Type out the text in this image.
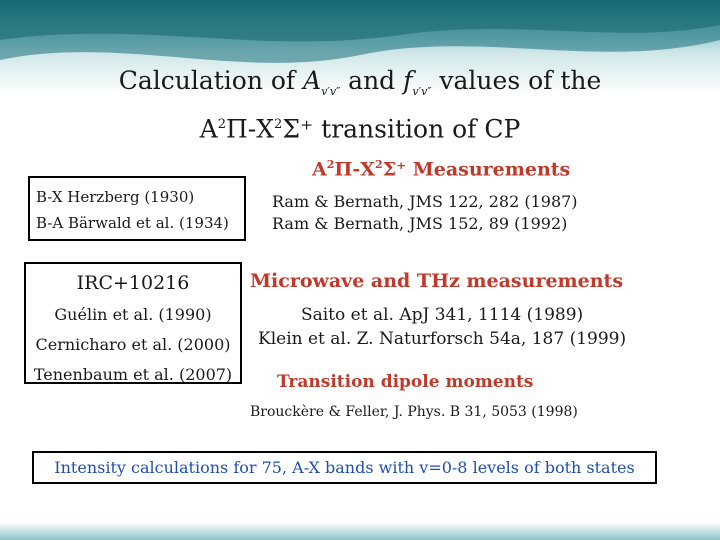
Calculation of $A_{v'v''}$ and $f_{v'v''}$ values of the
$A^2\Pi-X^2\Sigma^+$ transition of CP
B-X Herzberg (1930)
B-A Bärwald et al. (1934)
IRC+10216
Guélin et al. (1990)
Cernicharo et al. (2000)
Tenenbaum et al. (2007)
$A^2\Pi-X^2\Sigma^+$ Measurements
Ram & Bernath, JMS 122, 282 (1987)
Ram & Bernath, JMS 152, 89 (1992)
Microwave and THz measurements
Saito et al. ApJ 341, 1114 (1989)
Klein et al. Z. Naturforsch 54a, 187 (1999)
Transition dipole moments
Brouckère & Feller, J. Phys. B 31, 5053 (1998)
Intensity calculations for 75, A-X bands with v=0-8 levels of both states
